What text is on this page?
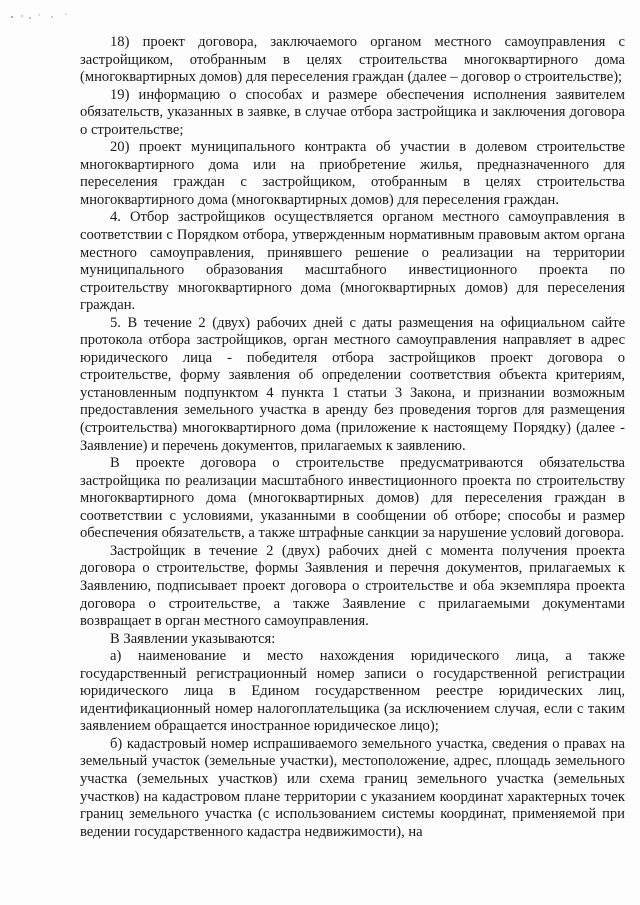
18) проект договора, заключаемого органом местного самоуправления с застройщиком, отобранным в целях строительства многоквартирного дома (многоквартирных домов) для переселения граждан (далее – договор о строительстве);

19) информацию о способах и размере обеспечения исполнения заявителем обязательств, указанных в заявке, в случае отбора застройщика и заключения договора о строительстве;

20) проект муниципального контракта об участии в долевом строительстве многоквартирного дома или на приобретение жилья, предназначенного для переселения граждан с застройщиком, отобранным в целях строительства многоквартирного дома (многоквартирных домов) для переселения граждан.

4. Отбор застройщиков осуществляется органом местного самоуправления в соответствии с Порядком отбора, утвержденным нормативным правовым актом органа местного самоуправления, принявшего решение о реализации на территории муниципального образования масштабного инвестиционного проекта по строительству многоквартирного дома (многоквартирных домов) для переселения граждан.

5. В течение 2 (двух) рабочих дней с даты размещения на официальном сайте протокола отбора застройщиков, орган местного самоуправления направляет в адрес юридического лица - победителя отбора застройщиков проект договора о строительстве, форму заявления об определении соответствия объекта критериям, установленным подпунктом 4 пункта 1 статьи 3 Закона, и признании возможным предоставления земельного участка в аренду без проведения торгов для размещения (строительства) многоквартирного дома (приложение к настоящему Порядку) (далее - Заявление) и перечень документов, прилагаемых к заявлению.

В проекте договора о строительстве предусматриваются обязательства застройщика по реализации масштабного инвестиционного проекта по строительству многоквартирного дома (многоквартирных домов) для переселения граждан в соответствии с условиями, указанными в сообщении об отборе; способы и размер обеспечения обязательств, а также штрафные санкции за нарушение условий договора.

Застройщик в течение 2 (двух) рабочих дней с момента получения проекта договора о строительстве, формы Заявления и перечня документов, прилагаемых к Заявлению, подписывает проект договора о строительстве и оба экземпляра проекта договора о строительстве, а также Заявление с прилагаемыми документами возвращает в орган местного самоуправления.

В Заявлении указываются:

а) наименование и место нахождения юридического лица, а также государственный регистрационный номер записи о государственной регистрации юридического лица в Едином государственном реестре юридических лиц, идентификационный номер налогоплательщика (за исключением случая, если с таким заявлением обращается иностранное юридическое лицо);

б) кадастровый номер испрашиваемого земельного участка, сведения о правах на земельный участок (земельные участки), местоположение, адрес, площадь земельного участка (земельных участков) или схема границ земельного участка (земельных участков) на кадастровом плане территории с указанием координат характерных точек границ земельного участка (с использованием системы координат, применяемой при ведении государственного кадастра недвижимости), на
